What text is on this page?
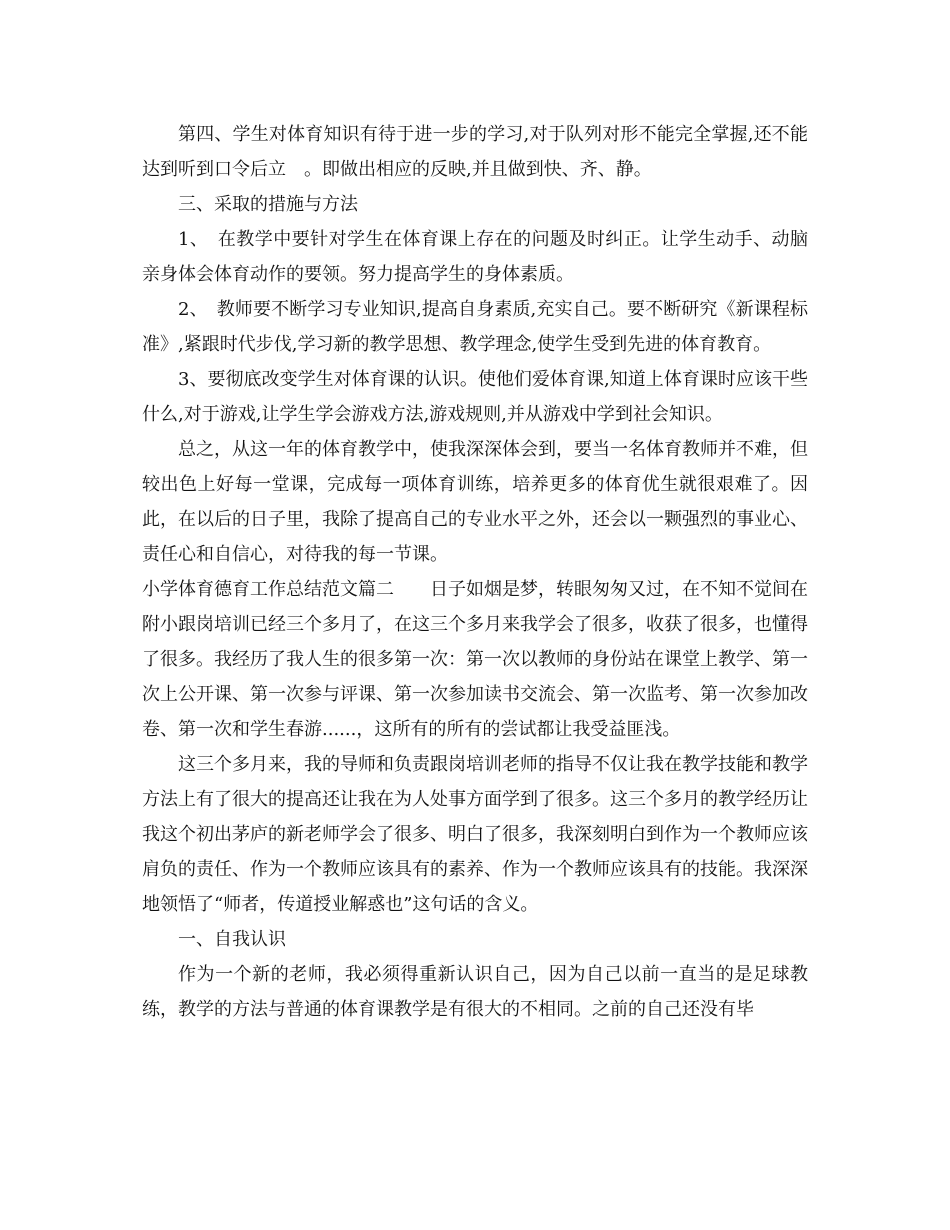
第四、学生对体育知识有待于进一步的学习,对于队列对形不能完全掌握,还不能达到听到口令后立　。即做出相应的反映,并且做到快、齐、静。

三、采取的措施与方法

1、　在教学中要针对学生在体育课上存在的问题及时纠正。让学生动手、动脑亲身体会体育动作的要领。努力提高学生的身体素质。

2、　教师要不断学习专业知识,提高自身素质,充实自己。要不断研究《新课程标准》,紧跟时代步伐,学习新的教学思想、教学理念,使学生受到先进的体育教育。

3、要彻底改变学生对体育课的认识。使他们爱体育课,知道上体育课时应该干些什么,对于游戏,让学生学会游戏方法,游戏规则,并从游戏中学到社会知识。

总之，从这一年的体育教学中，使我深深体会到，要当一名体育教师并不难，但较出色上好每一堂课，完成每一项体育训练，培养更多的体育优生就很艰难了。因此，在以后的日子里，我除了提高自己的专业水平之外，还会以一颗强烈的事业心、责任心和自信心，对待我的每一节课。

小学体育德育工作总结范文篇二　　日子如烟是梦，转眼匆匆又过，在不知不觉间在附小跟岗培训已经三个多月了，在这三个多月来我学会了很多，收获了很多，也懂得了很多。我经历了我人生的很多第一次：第一次以教师的身份站在课堂上教学、第一次上公开课、第一次参与评课、第一次参加读书交流会、第一次监考、第一次参加改卷、第一次和学生春游......，这所有的所有的尝试都让我受益匪浅。

这三个多月来，我的导师和负责跟岗培训老师的指导不仅让我在教学技能和教学方法上有了很大的提高还让我在为人处事方面学到了很多。这三个多月的教学经历让我这个初出茅庐的新老师学会了很多、明白了很多，我深刻明白到作为一个教师应该肩负的责任、作为一个教师应该具有的素养、作为一个教师应该具有的技能。我深深地领悟了“师者，传道授业解惑也”这句话的含义。

一、自我认识

作为一个新的老师，我必须得重新认识自己，因为自己以前一直当的是足球教练，教学的方法与普通的体育课教学是有很大的不相同。之前的自己还没有毕
